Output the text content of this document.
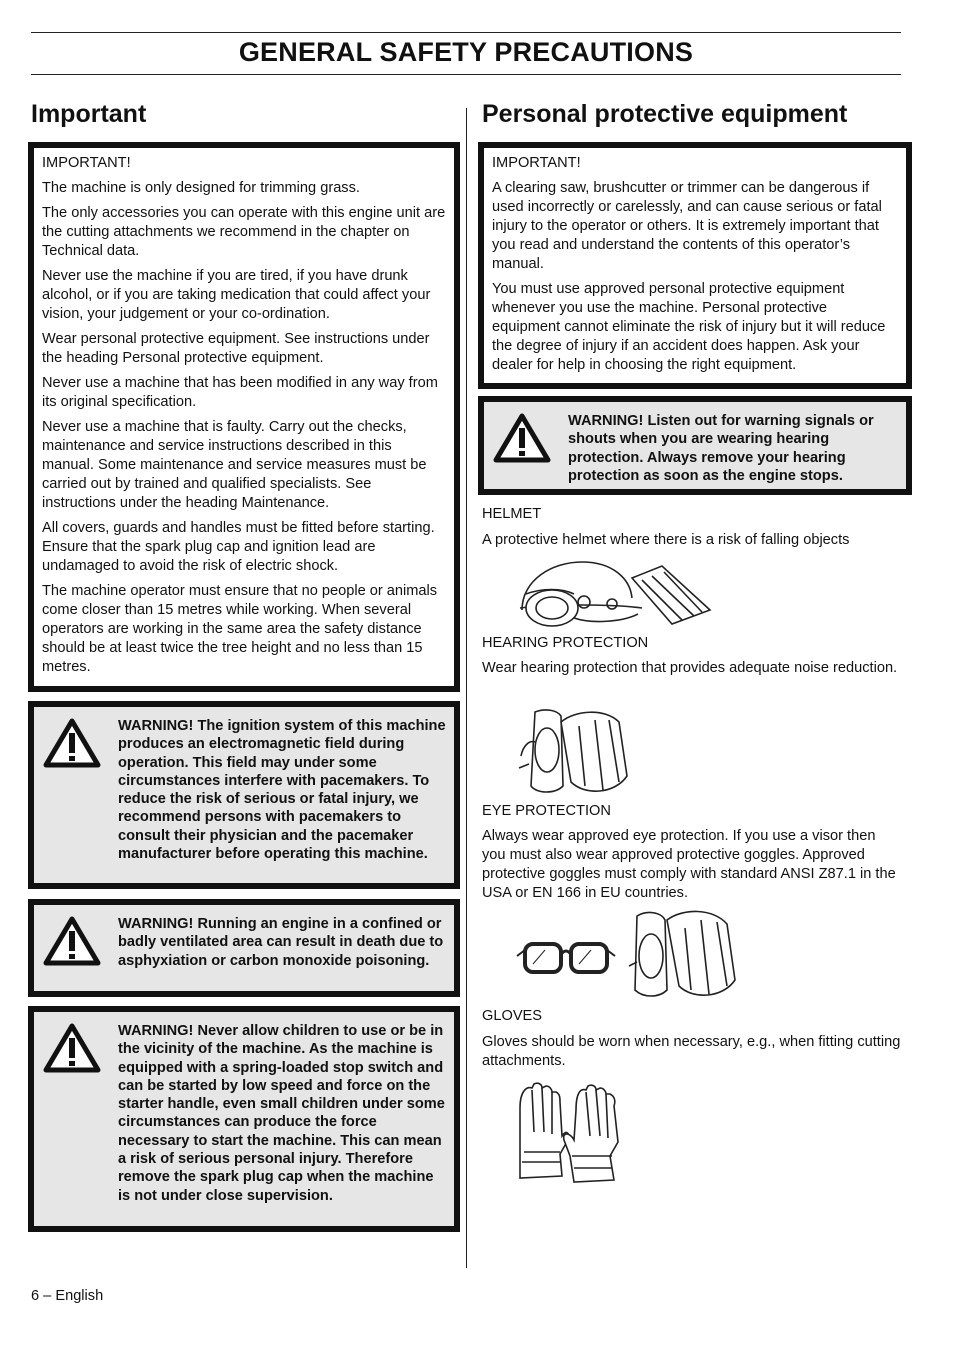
GENERAL SAFETY PRECAUTIONS
Important

IMPORTANT!

The machine is only designed for trimming grass.

The only accessories you can operate with this engine unit are the cutting attachments we recommend in the chapter on Technical data.

Never use the machine if you are tired, if you have drunk alcohol, or if you are taking medication that could affect your vision, your judgement or your co-ordination.

Wear personal protective equipment. See instructions under the heading Personal protective equipment.

Never use a machine that has been modified in any way from its original specification.

Never use a machine that is faulty. Carry out the checks, maintenance and service instructions described in this manual. Some maintenance and service measures must be carried out by trained and qualified specialists. See instructions under the heading Maintenance.

All covers, guards and handles must be fitted before starting. Ensure that the spark plug cap and ignition lead are undamaged to avoid the risk of electric shock.

The machine operator must ensure that no people or animals come closer than 15 metres while working. When several operators are working in the same area the safety distance should be at least twice the tree height and no less than 15 metres.

WARNING! The ignition system of this machine produces an electromagnetic field during operation. This field may under some circumstances interfere with pacemakers. To reduce the risk of serious or fatal injury, we recommend persons with pacemakers to consult their physician and the pacemaker manufacturer before operating this machine.
WARNING! Running an engine in a confined or badly ventilated area can result in death due to asphyxiation or carbon monoxide poisoning.
WARNING! Never allow children to use or be in the vicinity of the machine. As the machine is equipped with a spring-loaded stop switch and can be started by low speed and force on the starter handle, even small children under some circumstances can produce the force necessary to start the machine. This can mean a risk of serious personal injury. Therefore remove the spark plug cap when the machine is not under close supervision.
Personal protective equipment

IMPORTANT!

A clearing saw, brushcutter or trimmer can be dangerous if used incorrectly or carelessly, and can cause serious or fatal injury to the operator or others. It is extremely important that you read and understand the contents of this operator’s manual.

You must use approved personal protective equipment whenever you use the machine. Personal protective equipment cannot eliminate the risk of injury but it will reduce the degree of injury if an accident does happen. Ask your dealer for help in choosing the right equipment.

WARNING! Listen out for warning signals or shouts when you are wearing hearing protection. Always remove your hearing protection as soon as the engine stops.

HELMET

A protective helmet where there is a risk of falling objects

HEARING PROTECTION

Wear hearing protection that provides adequate noise reduction.

EYE PROTECTION

Always wear approved eye protection. If you use a visor then you must also wear approved protective goggles. Approved protective goggles must comply with standard ANSI Z87.1 in the USA or EN 166 in EU countries.

GLOVES

Gloves should be worn when necessary, e.g., when fitting cutting attachments.

6 – English
